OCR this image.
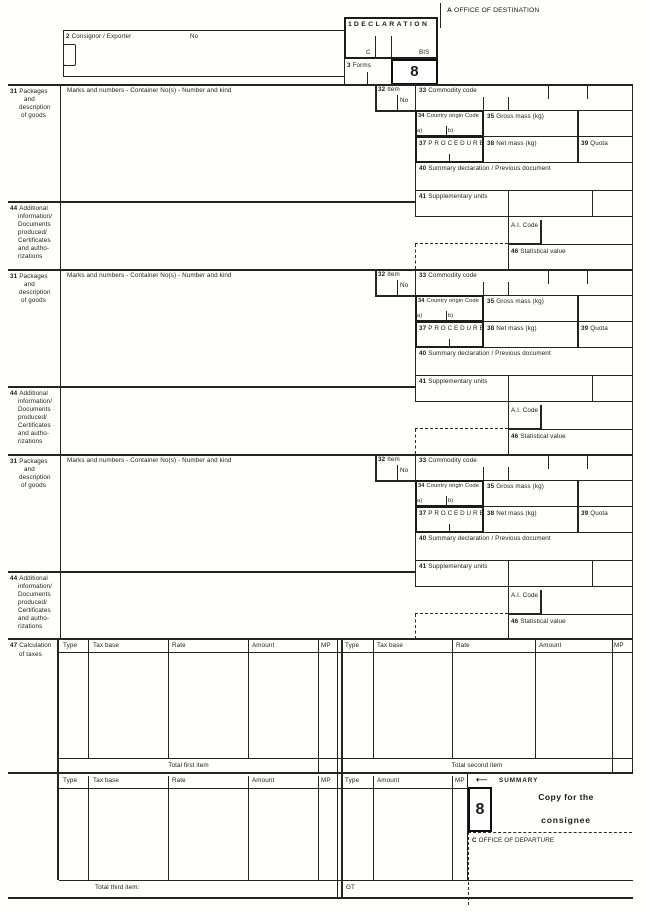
A OFFICE OF DESTINATION
1 DECLARATION
C	BIS
3 Forms	8
2 Consignor / Exporter	No
47 Calculation
of taxes
Type	Tax base	Rate	Amount	MP Type	Tax base	Rate	Amount	MP
Total first item	Total second item
Type	Tax base	Rate	Amount	MP Type	Amount	MP ⟵ SUMMARY
8
Copy for the
consignee
C OFFICE OF DEPARTURE
Total third item:	GT
31 Packages
and
description
of goods
Marks and numbers - Container No(s) - Number and kind	32 Item
No
33 Commodity code
34 Country origin Code
a)	b)
35 Gross mass (kg)
37 PROCEDURE 38 Net mass (kg)	39 Quota
40 Summary declaration / Previous document
41 Supplementary units
44 Additional
information/
Documents
produced/
Certificates
and autho-
rizations
A.I. Code
46 Statistical value
31 Packages
and
description
of goods
Marks and numbers - Container No(s) - Number and kind	32 Item
No
33 Commodity code
34 Country origin Code
a)	b)
35 Gross mass (kg)
37 PROCEDURE 38 Net mass (kg)	39 Quota
40 Summary declaration / Previous document
41 Supplementary units
44 Additional
information/
Documents
produced/
Certificates
and autho-
rizations
A.I. Code
46 Statistical value
31 Packages
and
description
of goods
Marks and numbers - Container No(s) - Number and kind	32 Item
No
33 Commodity code
34 Country origin Code
a)	b)
35 Gross mass (kg)
37 PROCEDURE 38 Net mass (kg)	39 Quota
40 Summary declaration / Previous document
41 Supplementary units
44 Additional
information/
Documents
produced/
Certificates
and autho-
rizations
A.I. Code
46 Statistical value
